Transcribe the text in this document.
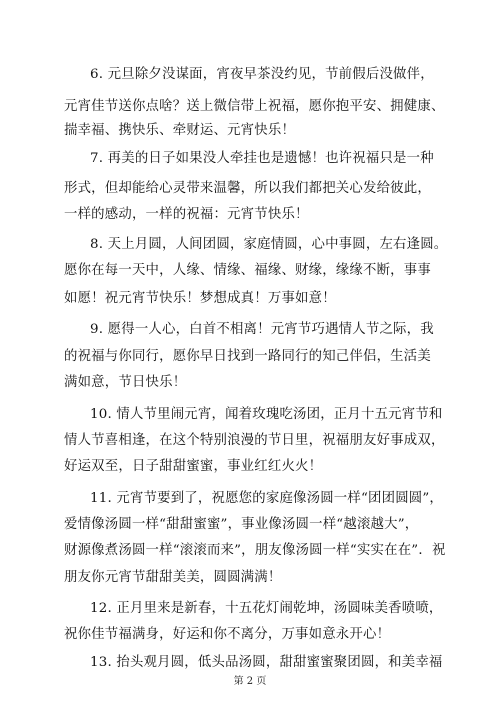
6. 元旦除夕没谋面，宵夜早茶没约见，节前假后没做伴，
元宵佳节送你点啥？送上微信带上祝福，愿你抱平安、拥健康、
揣幸福、携快乐、牵财运、元宵快乐！
7. 再美的日子如果没人牵挂也是遗憾！也许祝福只是一种
形式，但却能给心灵带来温馨，所以我们都把关心发给彼此，
一样的感动，一样的祝福：元宵节快乐！
8. 天上月圆，人间团圆，家庭情圆，心中事圆，左右逢圆。
愿你在每一天中，人缘、情缘、福缘、财缘，缘缘不断，事事
如愿！祝元宵节快乐！梦想成真！万事如意！
9. 愿得一人心，白首不相离！元宵节巧遇情人节之际，我
的祝福与你同行，愿你早日找到一路同行的知己伴侣，生活美
满如意，节日快乐！
10. 情人节里闹元宵，闻着玫瑰吃汤团，正月十五元宵节和
情人节喜相逢，在这个特别浪漫的节日里，祝福朋友好事成双，
好运双至，日子甜甜蜜蜜，事业红红火火！
11. 元宵节要到了，祝愿您的家庭像汤圆一样“团团圆圆”，
爱情像汤圆一样“甜甜蜜蜜”，事业像汤圆一样“越滚越大”，
财源像煮汤圆一样“滚滚而来”，朋友像汤圆一样“实实在在”．祝
朋友你元宵节甜甜美美，圆圆满满！
12. 正月里来是新春，十五花灯闹乾坤，汤圆味美香喷喷，
祝你佳节福满身，好运和你不离分，万事如意永开心！
13. 抬头观月圆，低头品汤圆，甜甜蜜蜜聚团圆，和美幸福
第 2 页
